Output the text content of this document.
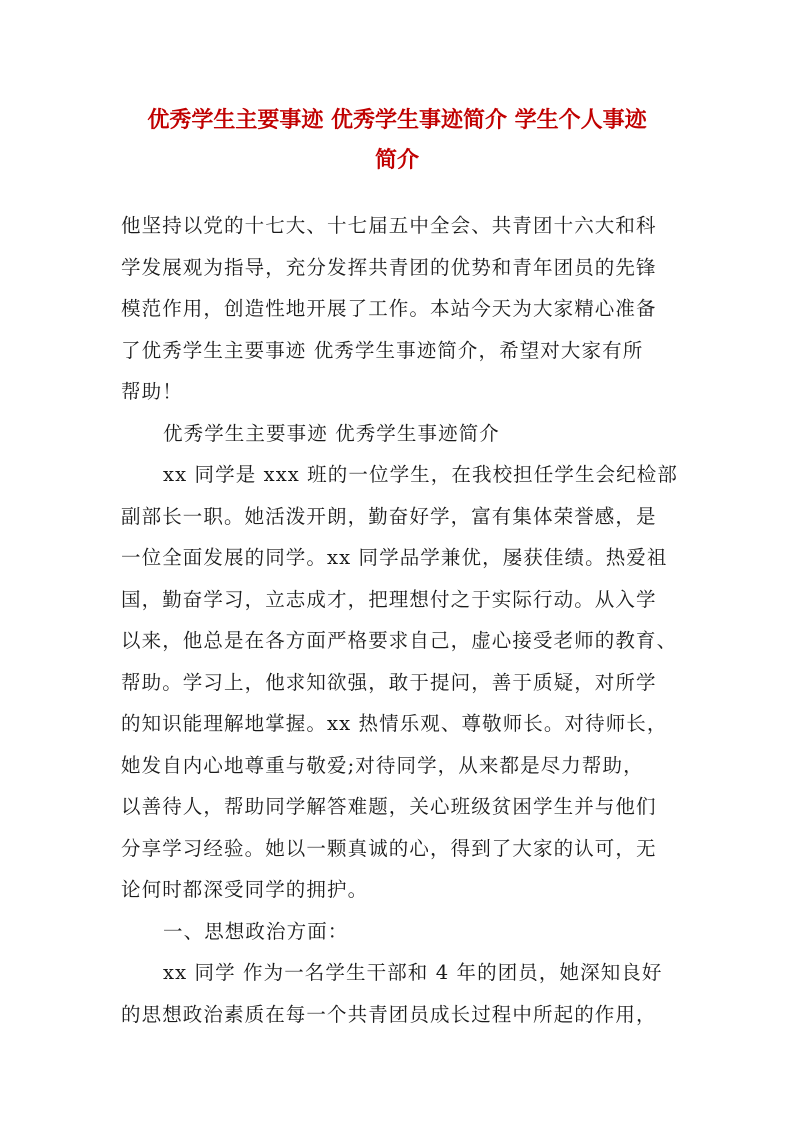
优秀学生主要事迹 优秀学生事迹简介 学生个人事迹
简介
他坚持以党的十七大、十七届五中全会、共青团十六大和科
学发展观为指导，充分发挥共青团的优势和青年团员的先锋
模范作用，创造性地开展了工作。本站今天为大家精心准备
了优秀学生主要事迹 优秀学生事迹简介，希望对大家有所
帮助！
优秀学生主要事迹 优秀学生事迹简介
xx 同学是 xxx 班的一位学生，在我校担任学生会纪检部
副部长一职。她活泼开朗，勤奋好学，富有集体荣誉感，是
一位全面发展的同学。xx 同学品学兼优，屡获佳绩。热爱祖
国，勤奋学习，立志成才，把理想付之于实际行动。从入学
以来，他总是在各方面严格要求自己，虚心接受老师的教育、
帮助。学习上，他求知欲强，敢于提问，善于质疑，对所学
的知识能理解地掌握。xx 热情乐观、尊敬师长。对待师长，
她发自内心地尊重与敬爱;对待同学，从来都是尽力帮助，
以善待人，帮助同学解答难题，关心班级贫困学生并与他们
分享学习经验。她以一颗真诚的心，得到了大家的认可，无
论何时都深受同学的拥护。
一、思想政治方面：
xx 同学 作为一名学生干部和 4 年的团员，她深知良好
的思想政治素质在每一个共青团员成长过程中所起的作用，
